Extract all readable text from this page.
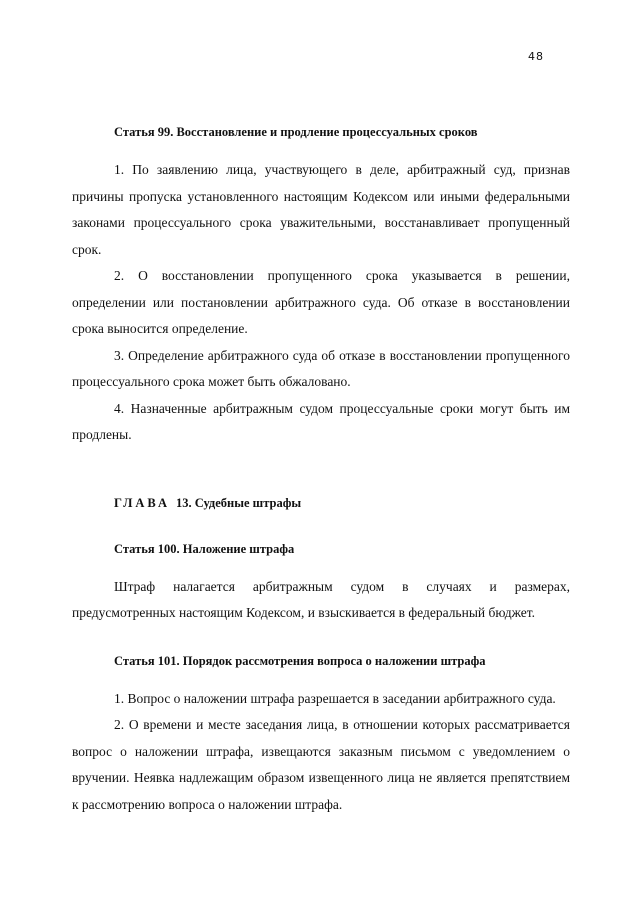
48

Статья 99. Восстановление и продление процессуальных сроков

1. По заявлению лица, участвующего в деле, арбитражный суд, признав причины пропуска установленного настоящим Кодексом или иными федеральными законами процессуального срока уважительными, восстанавливает пропущенный срок.

2. О восстановлении пропущенного срока указывается в решении, определении или постановлении арбитражного суда. Об отказе в восстановлении срока выносится определение.

3. Определение арбитражного суда об отказе в восстановлении пропущенного процессуального срока может быть обжаловано.

4. Назначенные арбитражным судом процессуальные сроки могут быть им продлены.

ГЛАВА 13. Судебные штрафы

Статья 100. Наложение штрафа

Штраф налагается арбитражным судом в случаях и размерах, предусмотренных настоящим Кодексом, и взыскивается в федеральный бюджет.

Статья 101. Порядок рассмотрения вопроса о наложении штрафа

1. Вопрос о наложении штрафа разрешается в заседании арбитражного суда.

2. О времени и месте заседания лица, в отношении которых рассматривается вопрос о наложении штрафа, извещаются заказным письмом с уведомлением о вручении. Неявка надлежащим образом извещенного лица не является препятствием к рассмотрению вопроса о наложении штрафа.
